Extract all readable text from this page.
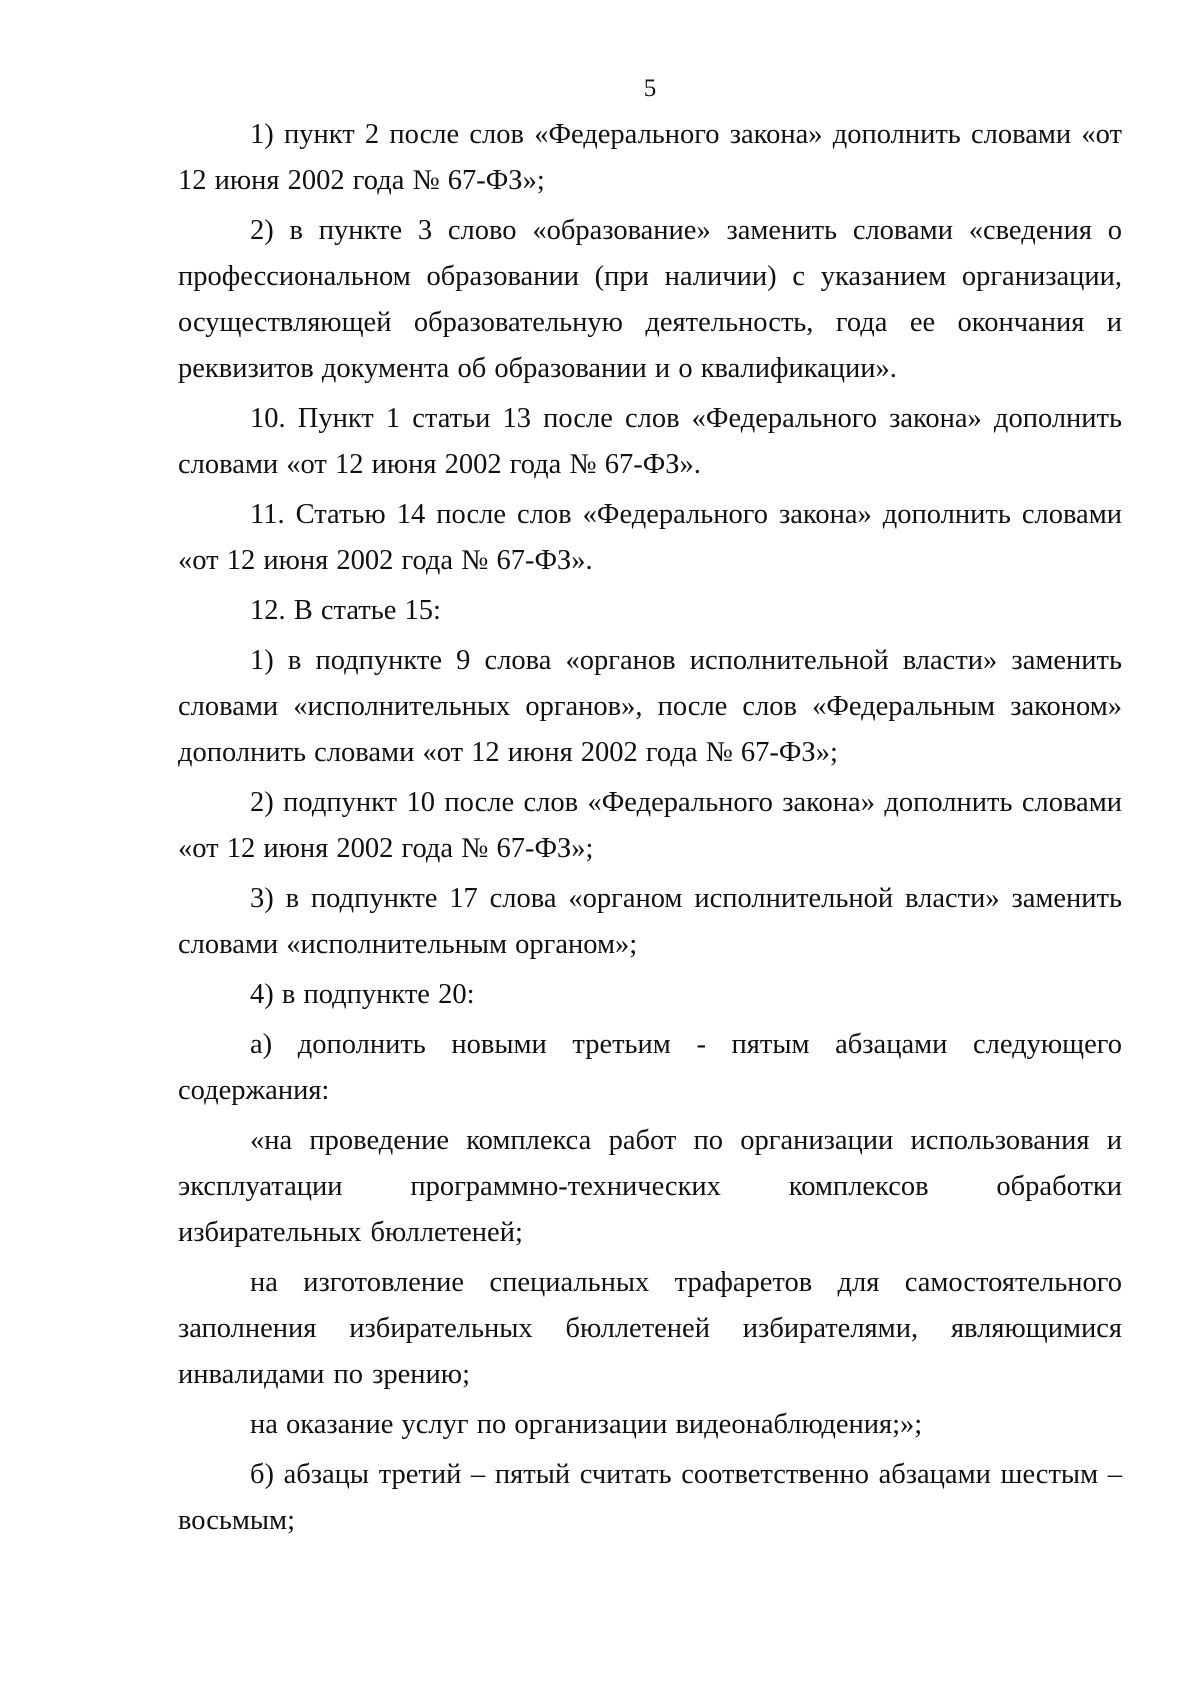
5

1) пункт 2 после слов «Федерального закона» дополнить словами «от 12 июня 2002 года № 67-ФЗ»;

2) в пункте 3 слово «образование» заменить словами «сведения о профессиональном образовании (при наличии) с указанием организации, осуществляющей образовательную деятельность, года ее окончания и реквизитов документа об образовании и о квалификации».

10. Пункт 1 статьи 13 после слов «Федерального закона» дополнить словами «от 12 июня 2002 года № 67-ФЗ».

11. Статью 14 после слов «Федерального закона» дополнить словами «от 12 июня 2002 года № 67-ФЗ».

12. В статье 15:

1) в подпункте 9 слова «органов исполнительной власти» заменить словами «исполнительных органов», после слов «Федеральным законом» дополнить словами «от 12 июня 2002 года № 67-ФЗ»;

2) подпункт 10 после слов «Федерального закона» дополнить словами «от 12 июня 2002 года № 67-ФЗ»;

3) в подпункте 17 слова «органом исполнительной власти» заменить словами «исполнительным органом»;

4) в подпункте 20:

а) дополнить новыми третьим - пятым абзацами следующего содержания:

«на проведение комплекса работ по организации использования и эксплуатации программно-технических комплексов обработки избирательных бюллетеней;

на изготовление специальных трафаретов для самостоятельного заполнения избирательных бюллетеней избирателями, являющимися инвалидами по зрению;

на оказание услуг по организации видеонаблюдения;»;

б) абзацы третий – пятый считать соответственно абзацами шестым – восьмым;
